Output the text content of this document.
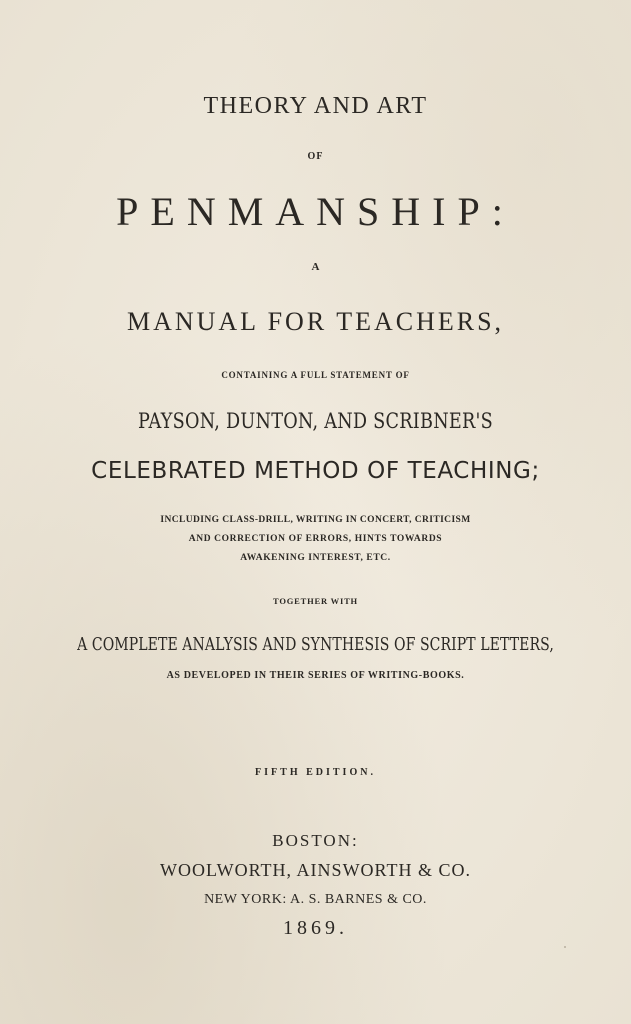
THEORY AND ART
OF
PENMANSHIP:
A
MANUAL FOR TEACHERS,
CONTAINING A FULL STATEMENT OF
PAYSON, DUNTON, AND SCRIBNER'S
CELEBRATED METHOD OF TEACHING;
INCLUDING CLASS-DRILL, WRITING IN CONCERT, CRITICISM
AND CORRECTION OF ERRORS, HINTS TOWARDS
AWAKENING INTEREST, ETC.
TOGETHER WITH
A COMPLETE ANALYSIS AND SYNTHESIS OF SCRIPT LETTERS,
AS DEVELOPED IN THEIR SERIES OF WRITING-BOOKS.
FIFTH EDITION.
BOSTON:
WOOLWORTH, AINSWORTH & CO.
NEW YORK: A. S. BARNES & CO.
1869.
